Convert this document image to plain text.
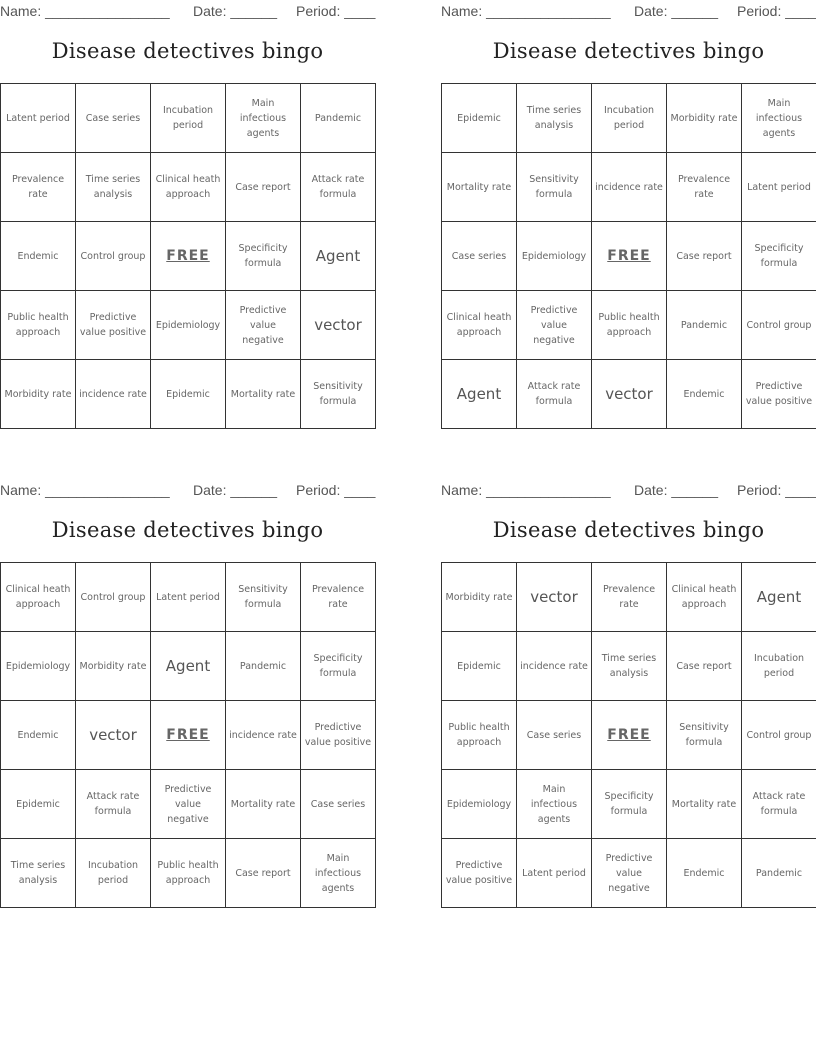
Name: ________________ Date: ______ Period: ____
Disease detectives bingo
Latent period	Case series	Incubation period	Main infectious agents	Pandemic
Prevalence rate	Time series analysis	Clinical heath approach	Case report	Attack rate formula
Endemic	Control group	FREE	Specificity formula	Agent
Public health approach	Predictive value positive	Epidemiology	Predictive value negative	vector
Morbidity rate	incidence rate	Epidemic	Mortality rate	Sensitivity formula
Name: ________________ Date: ______ Period: ____
Disease detectives bingo
Epidemic	Time series analysis	Incubation period	Morbidity rate	Main infectious agents
Mortality rate	Sensitivity formula	incidence rate	Prevalence rate	Latent period
Case series	Epidemiology	FREE	Case report	Specificity formula
Clinical heath approach	Predictive value negative	Public health approach	Pandemic	Control group
Agent	Attack rate formula	vector	Endemic	Predictive value positive
Name: ________________ Date: ______ Period: ____
Disease detectives bingo
Clinical heath approach	Control group	Latent period	Sensitivity formula	Prevalence rate
Epidemiology	Morbidity rate	Agent	Pandemic	Specificity formula
Endemic	vector	FREE	incidence rate	Predictive value positive
Epidemic	Attack rate formula	Predictive value negative	Mortality rate	Case series
Time series analysis	Incubation period	Public health approach	Case report	Main infectious agents
Name: ________________ Date: ______ Period: ____
Disease detectives bingo
Morbidity rate	vector	Prevalence rate	Clinical heath approach	Agent
Epidemic	incidence rate	Time series analysis	Case report	Incubation period
Public health approach	Case series	FREE	Sensitivity formula	Control group
Epidemiology	Main infectious agents	Specificity formula	Mortality rate	Attack rate formula
Predictive value positive	Latent period	Predictive value negative	Endemic	Pandemic
